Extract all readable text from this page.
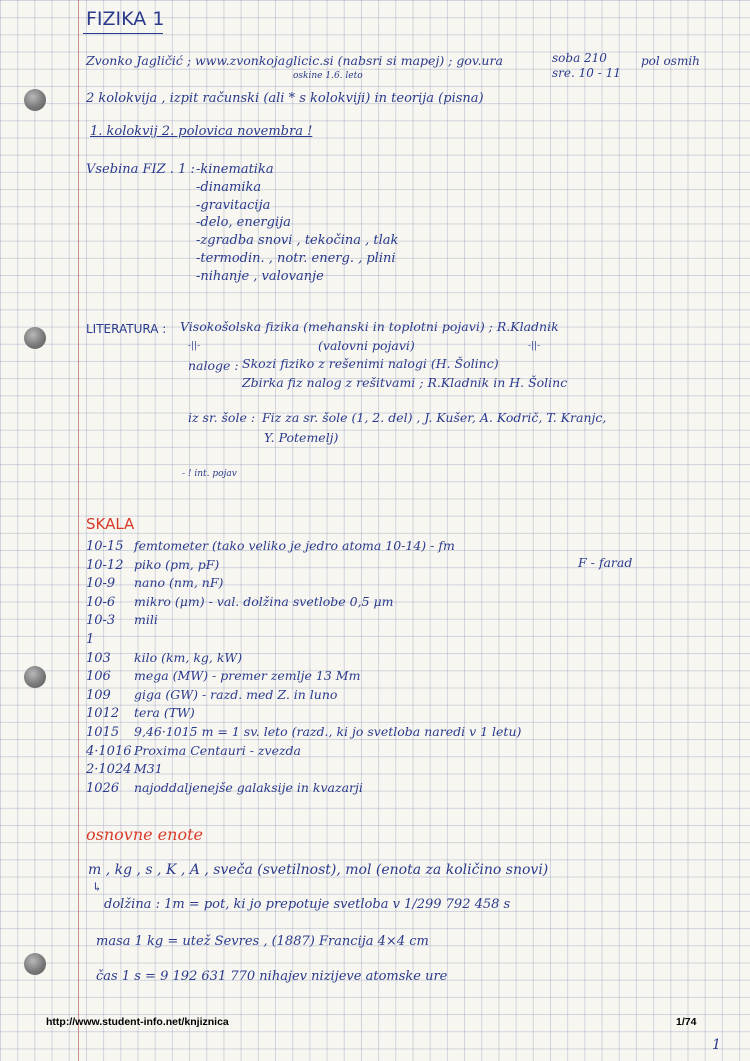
FIZIKA 1
oskine 1.6. leto
Zvonko Jagličić ; www.zvonkojaglicic.si (nabsri si mapej) ; gov.ura	soba 210
sre. 10 - 11
pol osmih
2 kolokvija , izpit računski (ali * s kolokviji) in teorija (pisna)
1. kolokvij 2. polovica novembra !
Vsebina FIZ . 1 : -kinematika
-dinamika
-gravitacija
-delo, energija
-zgradba snovi , tekočina , tlak
-termodin. , notr. energ. , plini
-nihanje , valovanje
LITERATURA : Visokošolska fizika (mehanski in toplotni pojavi) ; R.Kladnik
-||-	(valovni pojavi)	-||-
naloge : Skozi fiziko z rešenimi nalogi (H. Šolinc)
Zbirka fiz nalog z rešitvami ; R.Kladnik in H. Šolinc
iz sr. šole : Fiz za sr. šole (1, 2. del) , J. Kušer, A. Kodrič, T. Kranjc,
Y. Potemelj)
- ! int. pojav
SKALA
F - farad
10-15 femtometer (tako veliko je jedro atoma 10-14) - fm
10-12 piko (pm, pF)
10-9 nano (nm, nF)
10-6 mikro (μm) - val. dolžina svetlobe 0,5 μm
10-3 mili
1
103 kilo (km, kg, kW)
106 mega (MW) - premer zemlje 13 Mm
109 giga (GW) - razd. med Z. in luno
1012 tera (TW)
1015 9,46·1015 m = 1 sv. leto (razd., ki jo svetloba naredi v 1 letu)
4·1016 Proxima Centauri - zvezda
2·1024 M31
1026 najoddaljenejše galaksije in kvazarji
osnovne enote
m , kg , s , K , A , sveča (svetilnost), mol (enota za količino snovi)
↳
dolžina : 1m = pot, ki jo prepotuje svetloba v 1/299 792 458 s
masa 1 kg = utež Sevres , (1887) Francija 4×4 cm
čas 1 s = 9 192 631 770 nihajev nizijeve atomske ure
http://www.student-info.net/knjiznica	1/74
1
